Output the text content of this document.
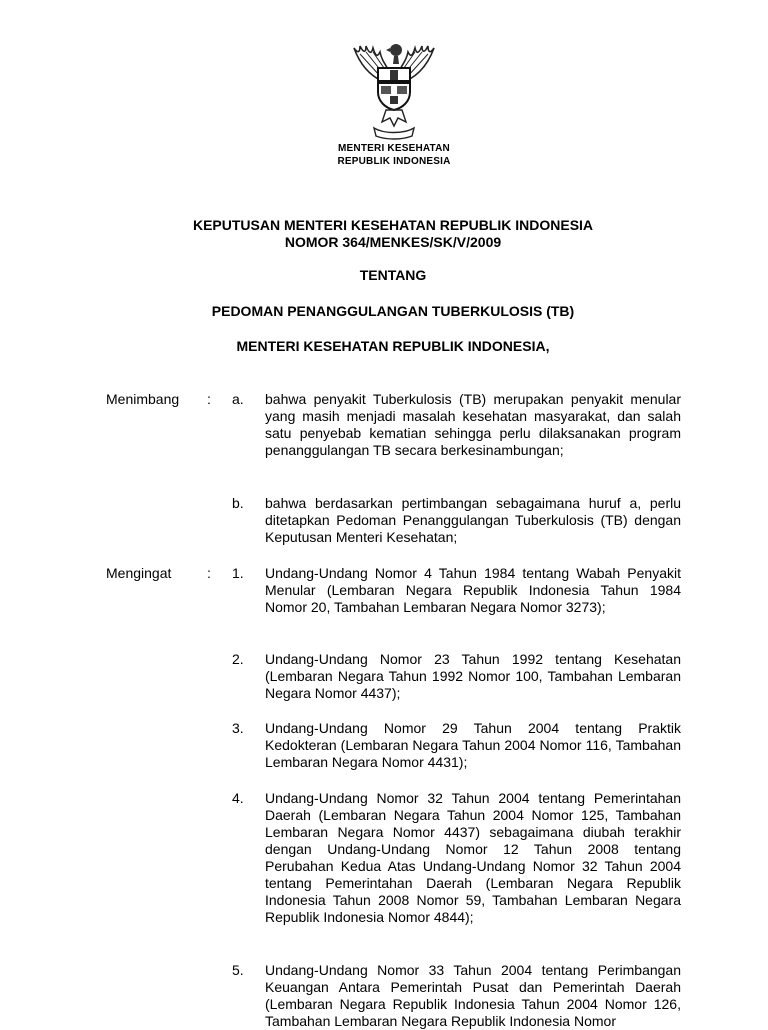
MENTERI KESEHATAN
REPUBLIK INDONESIA
KEPUTUSAN MENTERI KESEHATAN REPUBLIK INDONESIA
NOMOR 364/MENKES/SK/V/2009
TENTANG
PEDOMAN PENANGGULANGAN TUBERKULOSIS (TB)
MENTERI KESEHATAN REPUBLIK INDONESIA,
Menimbang : a. bahwa penyakit Tuberkulosis (TB) merupakan penyakit menular yang masih menjadi masalah kesehatan masyarakat, dan salah satu penyebab kematian sehingga perlu dilaksanakan program penanggulangan TB secara berkesinambungan;
b. bahwa berdasarkan pertimbangan sebagaimana huruf a, perlu ditetapkan Pedoman Penanggulangan Tuberkulosis (TB) dengan Keputusan Menteri Kesehatan;
Mengingat	: 1. Undang-Undang Nomor 4 Tahun 1984 tentang Wabah Penyakit Menular (Lembaran Negara Republik Indonesia Tahun 1984 Nomor 20, Tambahan Lembaran Negara Nomor 3273);
2. Undang-Undang Nomor 23 Tahun 1992 tentang Kesehatan (Lembaran Negara Tahun 1992 Nomor 100, Tambahan Lembaran Negara Nomor 4437);
3. Undang-Undang Nomor 29 Tahun 2004 tentang Praktik Kedokteran (Lembaran Negara Tahun 2004 Nomor 116, Tambahan Lembaran Negara Nomor 4431);
4. Undang-Undang Nomor 32 Tahun 2004 tentang Pemerintahan Daerah (Lembaran Negara Tahun 2004 Nomor 125, Tambahan Lembaran Negara Nomor 4437) sebagaimana diubah terakhir dengan Undang-Undang Nomor 12 Tahun 2008 tentang Perubahan Kedua Atas Undang-Undang Nomor 32 Tahun 2004 tentang Pemerintahan Daerah (Lembaran Negara Republik Indonesia Tahun 2008 Nomor 59, Tambahan Lembaran Negara Republik Indonesia Nomor 4844);
5. Undang-Undang Nomor 33 Tahun 2004 tentang Perimbangan Keuangan Antara Pemerintah Pusat dan Pemerintah Daerah (Lembaran Negara Republik Indonesia Tahun 2004 Nomor 126, Tambahan Lembaran Negara Republik Indonesia Nomor
